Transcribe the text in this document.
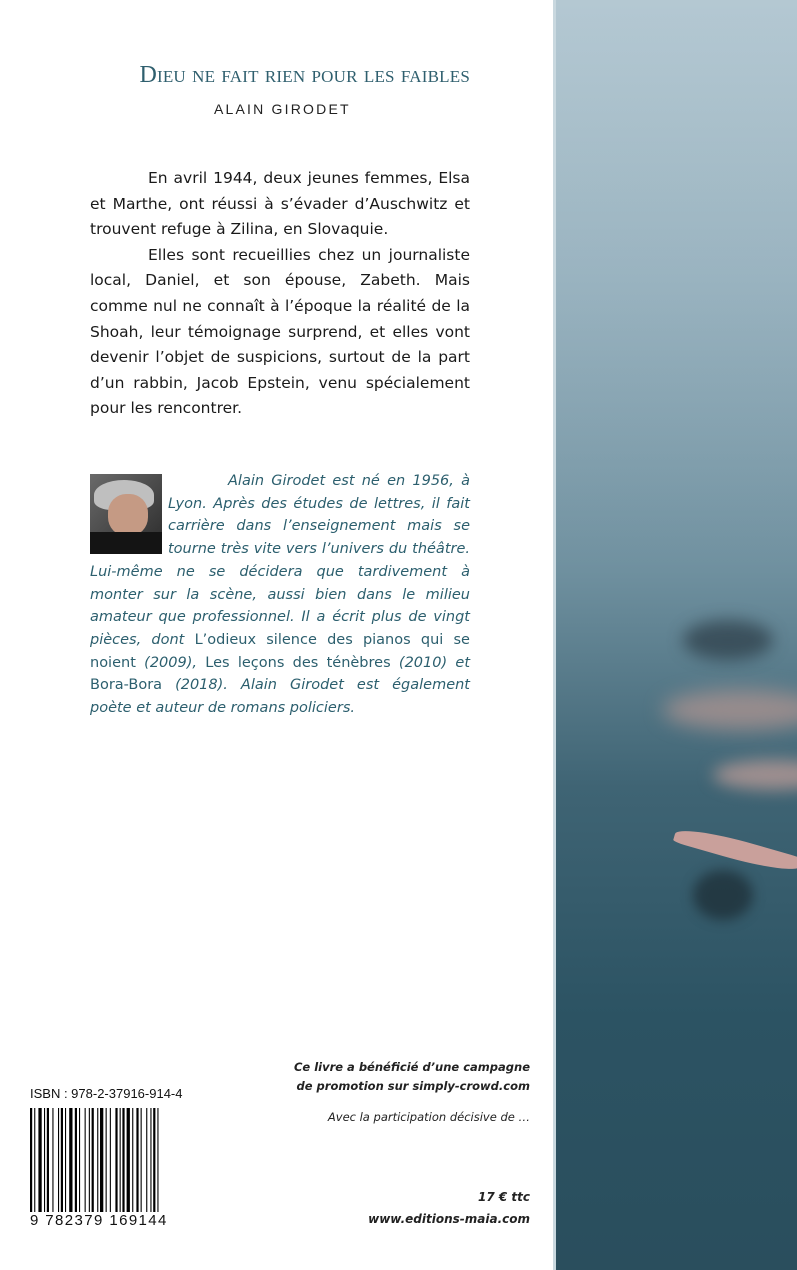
Dieu ne fait rien pour les faibles
ALAIN GIRODET

En avril 1944, deux jeunes femmes, Elsa et Marthe, ont réussi à s’évader d’Auschwitz et trouvent refuge à Zilina, en Slovaquie.

Elles sont recueillies chez un journaliste local, Daniel, et son épouse, Zabeth. Mais comme nul ne connaît à l’époque la réalité de la Shoah, leur témoignage surprend, et elles vont devenir l’objet de suspicions, surtout de la part d’un rabbin, Jacob Epstein, venu spécialement pour les rencontrer.

Alain Girodet est né en 1956, à Lyon. Après des études de lettres, il fait carrière dans l’enseignement mais se tourne très vite vers l’univers du théâtre. Lui-même ne se décidera que tardivement à monter sur la scène, aussi bien dans le milieu amateur que professionnel. Il a écrit plus de vingt pièces, dont L’odieux silence des pianos qui se noient (2009), Les leçons des ténèbres (2010) et Bora-Bora (2018). Alain Girodet est également poète et auteur de romans policiers.

Ce livre a bénéficié d’une campagne
de promotion sur simply-crowd.com
Avec la participation décisive de …
17 € ttc
www.editions-maia.com
ISBN : 978-2-37916-914-4
9 782379 169144
